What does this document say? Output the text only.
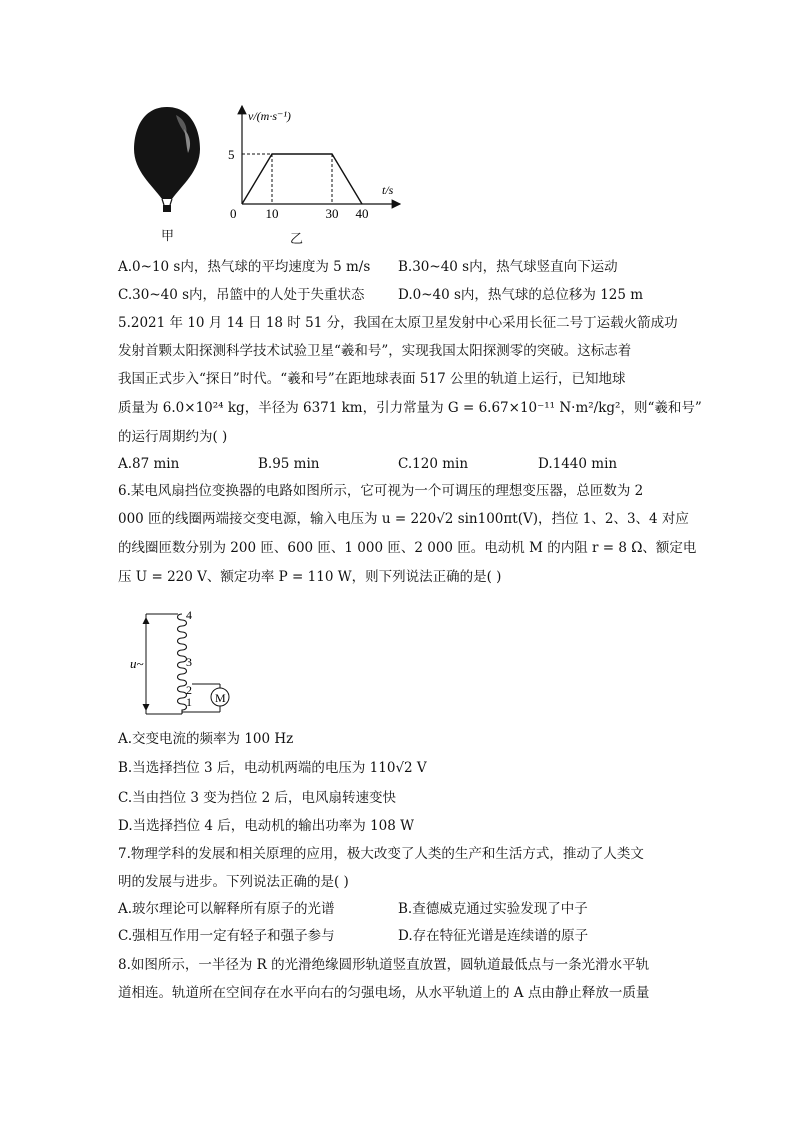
甲
v/(m·s⁻¹)
t/s
0 10	30 40
5
乙
A.0~10 s内，热气球的平均速度为 5 m/s B.30~40 s内，热气球竖直向下运动
C.30~40 s内，吊篮中的人处于失重状态 D.0~40 s内，热气球的总位移为 125 m
5.2021 年 10 月 14 日 18 时 51 分，我国在太原卫星发射中心采用长征二号丁运载火箭成功
发射首颗太阳探测科学技术试验卫星“羲和号”，实现我国太阳探测零的突破。这标志着
我国正式步入“探日”时代。“羲和号”在距地球表面 517 公里的轨道上运行，已知地球
质量为 6.0×10²⁴ kg，半径为 6371 km，引力常量为 G = 6.67×10⁻¹¹ N·m²/kg²，则“羲和号”
的运行周期约为( )
A.87 min	B.95 min	C.120 min	D.1440 min
6.某电风扇挡位变换器的电路如图所示，它可视为一个可调压的理想变压器，总匝数为 2
000 匝的线圈两端接交变电源，输入电压为 u = 220√2 sin100πt(V)，挡位 1、2、3、4 对应
的线圈匝数分别为 200 匝、600 匝、1 000 匝、2 000 匝。电动机 M 的内阻 r = 8 Ω、额定电
压 U = 220 V、额定功率 P = 110 W，则下列说法正确的是( )
u~
4
3
2
1 M
A.交变电流的频率为 100 Hz
B.当选择挡位 3 后，电动机两端的电压为 110√2 V
C.当由挡位 3 变为挡位 2 后，电风扇转速变快
D.当选择挡位 4 后，电动机的输出功率为 108 W
7.物理学科的发展和相关原理的应用，极大改变了人类的生产和生活方式，推动了人类文
明的发展与进步。下列说法正确的是( )
A.玻尔理论可以解释所有原子的光谱	B.查德威克通过实验发现了中子
C.强相互作用一定有轻子和强子参与	D.存在特征光谱是连续谱的原子
8.如图所示，一半径为 R 的光滑绝缘圆形轨道竖直放置，圆轨道最低点与一条光滑水平轨
道相连。轨道所在空间存在水平向右的匀强电场，从水平轨道上的 A 点由静止释放一质量
